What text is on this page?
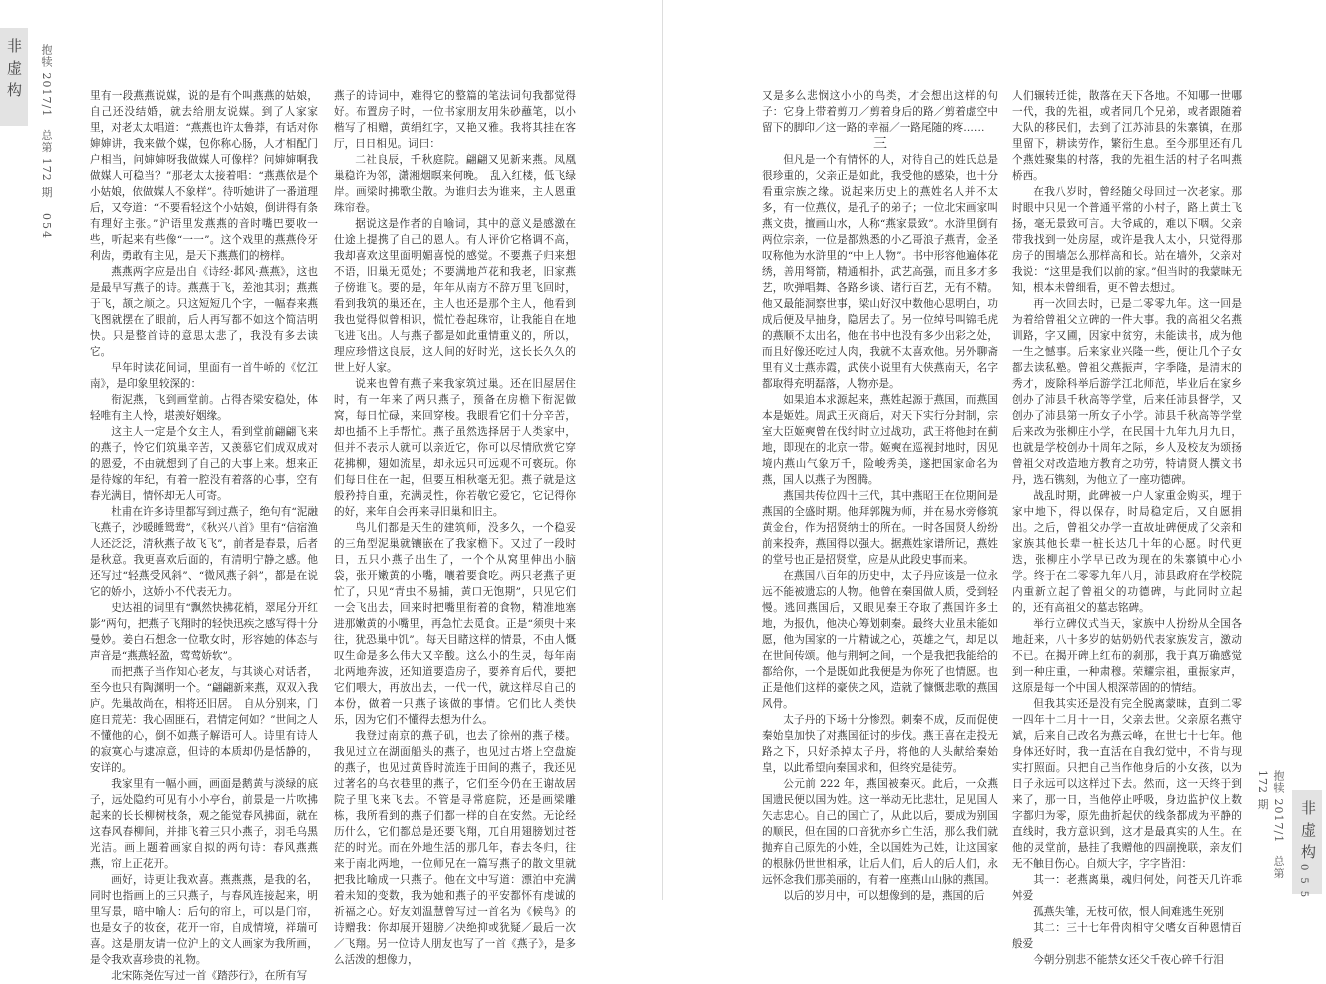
非虚构 抱犊 2017/1　总第 172 期 054

里有一段燕燕说媒，说的是有个叫燕燕的姑娘，自己还没结婚，就去给朋友说媒。到了人家家里，对老太太唱道：“燕燕也许太鲁莽，有话对你婶婶讲，我来做个媒，包你称心肠，人才相配门户相当，问婶婶呀我做媒人可像样？问婶婶啊我做媒人可稳当？”那老太太接着唱：“燕燕依是个小姑娘，依做媒人不象样”。待听她讲了一番道理后，又夸道：“不要看轻这个小姑娘，倒讲得有条有理好主张。”沪语里发燕燕的音时嘴巴要收一些，听起来有些像“一一”。这个戏里的燕燕伶牙利齿，勇敢有主见，是天下燕燕们的榜样。

燕燕两字应是出自《诗经·邶风·燕燕》，这也是最早写燕子的诗。燕燕于飞，差池其羽；燕燕于飞，颉之颃之。只这短短几个字，一幅春来燕飞图就摆在了眼前，后人再写都不如这个简洁明快。只是整首诗的意思太悲了，我没有多去读它。

早年时读花间词，里面有一首牛峤的《忆江南》，是印象里较深的：

衔泥燕，飞到画堂前。占得杏梁安稳处，体轻唯有主人怜，堪羡好姻缘。

这主人一定是个女主人，看到堂前翩翩飞来的燕子，怜它们筑巢辛苦，又羡慕它们成双成对的恩爱，不由就想到了自己的大事上来。想来正是待嫁的年纪，有着一腔没有着落的心事，空有春光满目，情怀却无人可寄。

杜甫在许多诗里都写到过燕子，绝句有“泥融飞燕子，沙暖睡鸳鸯”，《秋兴八首》里有“信宿渔人还泛泛，清秋燕子故飞飞”，前者是春景，后者是秋意。我更喜欢后面的，有清明宁静之感。他还写过“轻燕受风斜”、“微风燕子斜”，都是在说它的娇小，这娇小不代表无力。

史达祖的词里有“飘然快拂花梢，翠尾分开红影”两句，把燕子飞翔时的轻快迅疾之感写得十分曼妙。姜白石想念一位歌女时，形容她的体态与声音是“燕燕轻盈，莺莺娇软”。

而把燕子当作知心老友，与其谈心对话者，至今也只有陶渊明一个。“翩翩新来燕，双双入我庐。先巢故尚在，相将还旧居。　自从分别来，门庭日荒芜：我心固匪石，君情定何如？”世间之人不懂他的心，倒不如燕子解语可人。诗里有诗人的寂寞心与逮凉意，但诗的本质却仍是恬静的，安详的。

我家里有一幅小画，画面是鹅黄与淡绿的底子，远处隐约可见有小小亭台，前景是一片吹拂起来的长长柳树枝条，观之能觉春风拂面，就在这春风春柳间，并排飞着三只小燕子，羽毛乌黑光洁。画上题着画家自拟的两句诗：春风燕燕燕，帘上正花开。

画好，诗更让我欢喜。燕燕燕，是我的名，同时也指画上的三只燕子，与春风连接起来，明里写景，暗中喻人：后句的帘上，可以是门帘，也是女子的妆奁，花开一帘，自成情境，祥瑞可喜。这是朋友请一位沪上的文人画家为我所画，是令我欢喜珍贵的礼物。

北宋陈尧佐写过一首《踏莎行》，在所有写

燕子的诗词中，难得它的整篇的笔法词句我都觉得好。布置房子时，一位书家朋友用朱砂蘸笔，以小楷写了相赠，黄绢红字，又艳又雅。我将其挂在客厅，日日相见。词曰：

二社良辰，千秋庭院。翩翩又见新来燕。凤凰巢稳许为邻，潇湘烟暝来何晚。　乱入红楼，低飞绿岸。画梁时拂歌尘散。为谁归去为谁来，主人恩重珠帘卷。

据说这是作者的自喻词，其中的意义是感激在仕途上提携了自己的恩人。有人评价它格调不高，我却喜欢这里面明媚喜悦的感觉。不要燕子归来想不语，旧巢无觅处；不要满地芦花和我老，旧家燕子傍谁飞。要的是，年年从南方不辞万里飞回时，看到我筑的巢还在，主人也还是那个主人，他看到我也觉得似曾相识，慌忙卷起珠帘，让我能自在地飞进飞出。人与燕子都是如此重情重义的，所以，理应珍惜这良辰，这人间的好时光，这长长久久的世上好人家。

说来也曾有燕子来我家筑过巢。还在旧屋居住时，有一年来了两只燕子，预备在房檐下衔泥做窝，每日忙碌，来回穿梭。我眼看它们十分辛苦，却也插不上手帮忙。燕子虽然选择居于人类家中，但并不表示人就可以亲近它，你可以尽情欣赏它穿花拂柳，翅如流星，却永远只可远观不可亵玩。你们每日住在一起，但要互相秋毫无犯。燕子就是这般矜持自重，充满灵性，你若敬它爱它，它记得你的好，来年自会再来寻旧巢和旧主。

鸟儿们都是天生的建筑师，没多久，一个稳妥的三角型泥巢就镶嵌在了我家檐下。又过了一段时日，五只小燕子出生了，一个个从窝里伸出小脑袋，张开嫩黄的小嘴，嚷着要食吃。两只老燕子更忙了，只见“青虫不易捕，黄口无饱期”，只见它们一会飞出去，回来时把嘴里衔着的食物，精准地塞进那嫩黄的小嘴里，再急忙去觅食。正是“须臾十来往，犹恐巢中饥”。每天目睹这样的情景，不由人慨叹生命是多么伟大又辛酸。这么小的生灵，每年南北两地奔波，还知道要造房子，要养育后代，要把它们喂大，再放出去，一代一代，就这样尽自己的本份，做着一只燕子该做的事情。它们比人类快乐，因为它们不懂得去想为什么。

我登过南京的燕子矶，也去了徐州的燕子楼。我见过立在湖面船头的燕子，也见过古塔上空盘旋的燕子，也见过黄昏时流连于田间的燕子，我还见过著名的乌衣巷里的燕子，它们至今仍在王谢故居院子里飞来飞去。不管是寻常庭院，还是画梁雕栋，我所看到的燕子们都一样的自在安然。无论经历什么，它们都总是还要飞翔，兀自用翅膀划过苍茫的时光。而在外地生活的那几年，春去冬归，往来于南北两地，一位师兄在一篇写燕子的散文里就把我比喻成一只燕子。他在文中写道：漂泊中充满着未知的变数，我为她和燕子的平安都怀有虔诚的祈福之心。好友刘温慧曾写过一首名为《候鸟》的诗赠我：你却展开翅膀／决绝抑或犹疑／最后一次／飞翔。另一位诗人朋友也写了一首《燕子》，是多么活泼的想像力，

又是多么悲悯这小小的鸟类，才会想出这样的句子：它身上带着剪刀／剪着身后的路／剪着虚空中留下的脚印／这一路的幸福／一路尾随的疼……

三

但凡是一个有情怀的人，对待自己的姓氏总是很珍重的，父亲正是如此，我受他的感染，也十分看重宗族之缘。说起来历史上的燕姓名人并不太多，有一位燕仪，是孔子的弟子；一位北宋画家叫燕文贵，擅画山水，人称“燕家景致”。水浒里倒有两位宗亲，一位是都熟悉的小乙哥浪子燕青，金圣叹称他为水浒里的“中上人物”。书中形容他遍体花绣，善用弩箭，精通相扑，武艺高强，而且多才多艺，吹弹唱舞、各路乡谈、诸行百艺，无有不精。他又最能洞察世事，梁山好汉中数他心思明白，功成后便及早抽身，隐居去了。另一位绰号叫锦毛虎的燕顺不太出名，他在书中也没有多少出彩之处，而且好像还吃过人肉，我就不太喜欢他。另外聊斋里有义士燕赤霞，武侠小说里有大侠燕南天，名字都取得充明磊落，人物亦是。

如果追本求源起来，燕姓起源于燕国，而燕国本是姬姓。周武王灭商后，对天下实行分封制，宗室大臣姬奭曾在伐纣时立过战功，武王将他封在蓟地，即现在的北京一带。姬奭在巡视封地时，因见境内燕山气象万千，险峻秀美，遂把国家命名为燕，国人以燕子为图腾。

燕国共传位四十三代，其中燕昭王在位期间是燕国的全盛时期。他拜郭隗为师，并在易水旁修筑黄金台，作为招贤纳士的所在。一时各国贤人纷纷前来投奔，燕国得以强大。据燕姓家谱所记，燕姓的堂号也正是招贤堂，应是从此段史事而来。

在燕国八百年的历史中，太子丹应该是一位永远不能被遗忘的人物。他曾在秦国做人质，受到轻慢。逃回燕国后，又眼见秦王夺取了燕国许多土地，为报仇，他决心筹划刺秦。最终大业虽未能如愿，他为国家的一片精诚之心，英雄之气，却足以在世间传颂。他与荆轲之间，一个是我把我能给的都给你，一个是既如此我便是为你死了也情愿。也正是他们这样的豪侠之风，造就了慷慨悲歌的燕国风骨。

太子丹的下场十分惨烈。刺秦不成，反而促使秦始皇加快了对燕国征讨的步伐。燕王喜在走投无路之下，只好杀掉太子丹，将他的人头献给秦始皇，以此希望向秦国求和，但终究是徒劳。

公元前 222 年，燕国被秦灭。此后，一众燕国遗民便以国为姓。这一举动无比悲壮，足见国人矢志忠心。自己的国亡了，从此以后，要成为别国的顺民，但在国的口音犹亦乡亡生活，那么我们就抛弃自己原先的小姓，全以国姓为己姓，让这国家的根脉仍世世相承，让后人们，后人的后人们，永远怀念我们那美丽的，有着一座燕山山脉的燕国。

以后的岁月中，可以想像到的是，燕国的后

人们辗转迁徙，散落在天下各地。不知哪一世哪一代，我的先祖，或者同几个兄弟，或者跟随着大队的移民们，去到了江苏沛县的朱寨镇，在那里留下，耕读劳作，繁衍生息。至今那里还有几个燕姓聚集的村落，我的先祖生活的村子名叫燕桥西。

在我八岁时，曾经随父母回过一次老家。那时眼中只见一个普通平常的小村子，路上黄土飞扬，毫无景致可言。大爷咸的，难以下咽。父亲带我找到一处房屋，或许是我人太小，只觉得那房子的围墙怎么那样高和长。站在墙外，父亲对我说：“这里是我们以前的家。”但当时的我蒙昧无知，根本未曾细看，更不曾去想过。

再一次回去时，已是二零零九年。这一回是为着给曾祖父立碑的一件大事。我的高祖父名燕训路，字又圃，因家中贫穷，未能读书，成为他一生之憾事。后来家业兴隆一些，便让几个子女都去读私塾。曾祖父燕振声，字季隆，是清末的秀才，废除科举后游学江北师范，毕业后在家乡创办了沛县千秋高等学堂，后来任沛县督学，又创办了沛县第一所女子小学。沛县千秋高等学堂后来改为张柳庄小学，在民国十九年九月九日，也就是学校创办十周年之际，乡人及校友为颂扬曾祖父对改造地方教育之功劳，特请贤人撰文书丹，选石镌刻，为他立了一座功德碑。

战乱时期，此碑被一户人家重金购买，埋于家中地下，得以保存，时局稳定后，又自愿捐出。之后，曾祖父办学一直故址碑便成了父亲和家族其他长辈一桩长达几十年的心愿。时代更迭，张柳庄小学早已改为现在的朱寨镇中心小学。终于在二零零九年八月，沛县政府在学校院内重新立起了曾祖父的功德碑，与此同时立起的，还有高祖父的墓志铭碑。

举行立碑仪式当天，家族中人扮纷从全国各地赶来，八十多岁的姑奶奶代表家族发言，激动不已。在揭开碑上红布的刹那，我于真万确感觉到一种庄重，一种肃穆。荣耀宗祖，重振家声，这原是每一个中国人根深蒂固的的情结。

但我其实还是没有完全脱离蒙昧，直到二零一四年十二月十一日，父亲去世。父亲原名燕守斌，后来自己改名为燕云峰，在世七十七年。他身体还好时，我一直活在自我幻觉中，不肯与现实打照面。只把自己当作他身后的小女孩，以为日子永远可以这样过下去。然而，这一天终于到来了，那一日，当他停止呼吸，身边监护仪上数字都归为零，原先曲折起伏的线条都成为平静的直线时，我方意识到，这才是最真实的人生。在他的灵堂前，悬挂了我赠他的四副挽联，亲友们无不触目伤心。自烦大字，字字皆泪：

其一：老燕离巢，魂归何处，问苍天几许乖舛爱

孤燕失雏，无枝可依，恨人间难逃生死别

其二：三十七年骨肉相守父嗜女百种恩情百般爱

今朝分别悲不能禁女还父千夜心碎千行泪

抱犊 2017/1　总第 172 期
非虚构
055
